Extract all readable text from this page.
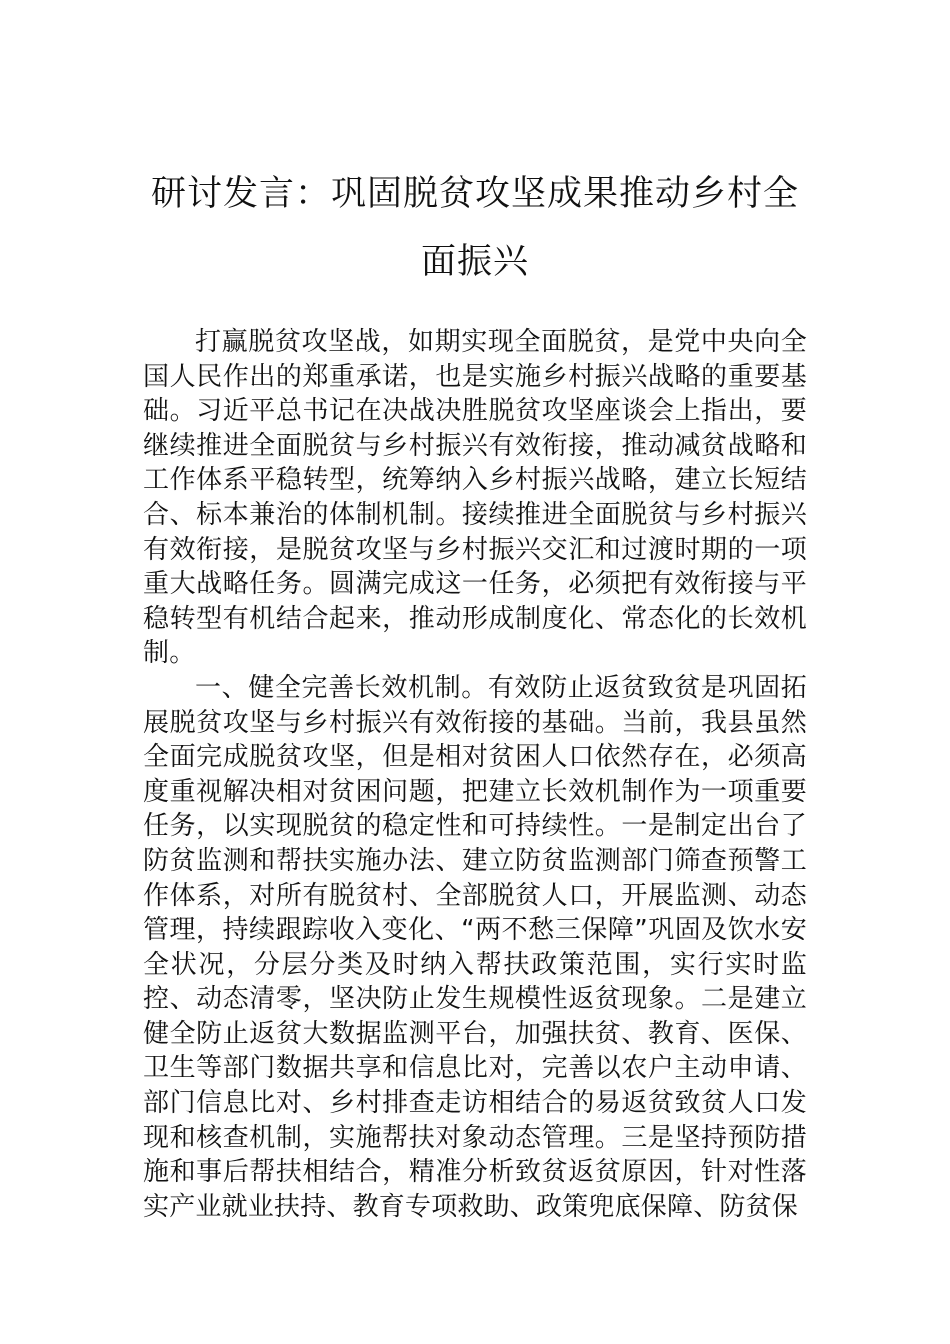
研讨发言：巩固脱贫攻坚成果推动乡村全面振兴

打赢脱贫攻坚战，如期实现全面脱贫，是党中央向全国人民作出的郑重承诺，也是实施乡村振兴战略的重要基础。习近平总书记在决战决胜脱贫攻坚座谈会上指出，要继续推进全面脱贫与乡村振兴有效衔接，推动减贫战略和工作体系平稳转型，统筹纳入乡村振兴战略，建立长短结合、标本兼治的体制机制。接续推进全面脱贫与乡村振兴有效衔接，是脱贫攻坚与乡村振兴交汇和过渡时期的一项重大战略任务。圆满完成这一任务，必须把有效衔接与平稳转型有机结合起来，推动形成制度化、常态化的长效机制。

一、健全完善长效机制。有效防止返贫致贫是巩固拓展脱贫攻坚与乡村振兴有效衔接的基础。当前，我县虽然全面完成脱贫攻坚，但是相对贫困人口依然存在，必须高度重视解决相对贫困问题，把建立长效机制作为一项重要任务，以实现脱贫的稳定性和可持续性。一是制定出台了防贫监测和帮扶实施办法、建立防贫监测部门筛查预警工作体系，对所有脱贫村、全部脱贫人口，开展监测、动态管理，持续跟踪收入变化、“两不愁三保障”巩固及饮水安全状况，分层分类及时纳入帮扶政策范围，实行实时监控、动态清零，坚决防止发生规模性返贫现象。二是建立健全防止返贫大数据监测平台，加强扶贫、教育、医保、卫生等部门数据共享和信息比对，完善以农户主动申请、部门信息比对、乡村排查走访相结合的易返贫致贫人口发现和核查机制，实施帮扶对象动态管理。三是坚持预防措施和事后帮扶相结合，精准分析致贫返贫原因，针对性落实产业就业扶持、教育专项救助、政策兜底保障、防贫保
